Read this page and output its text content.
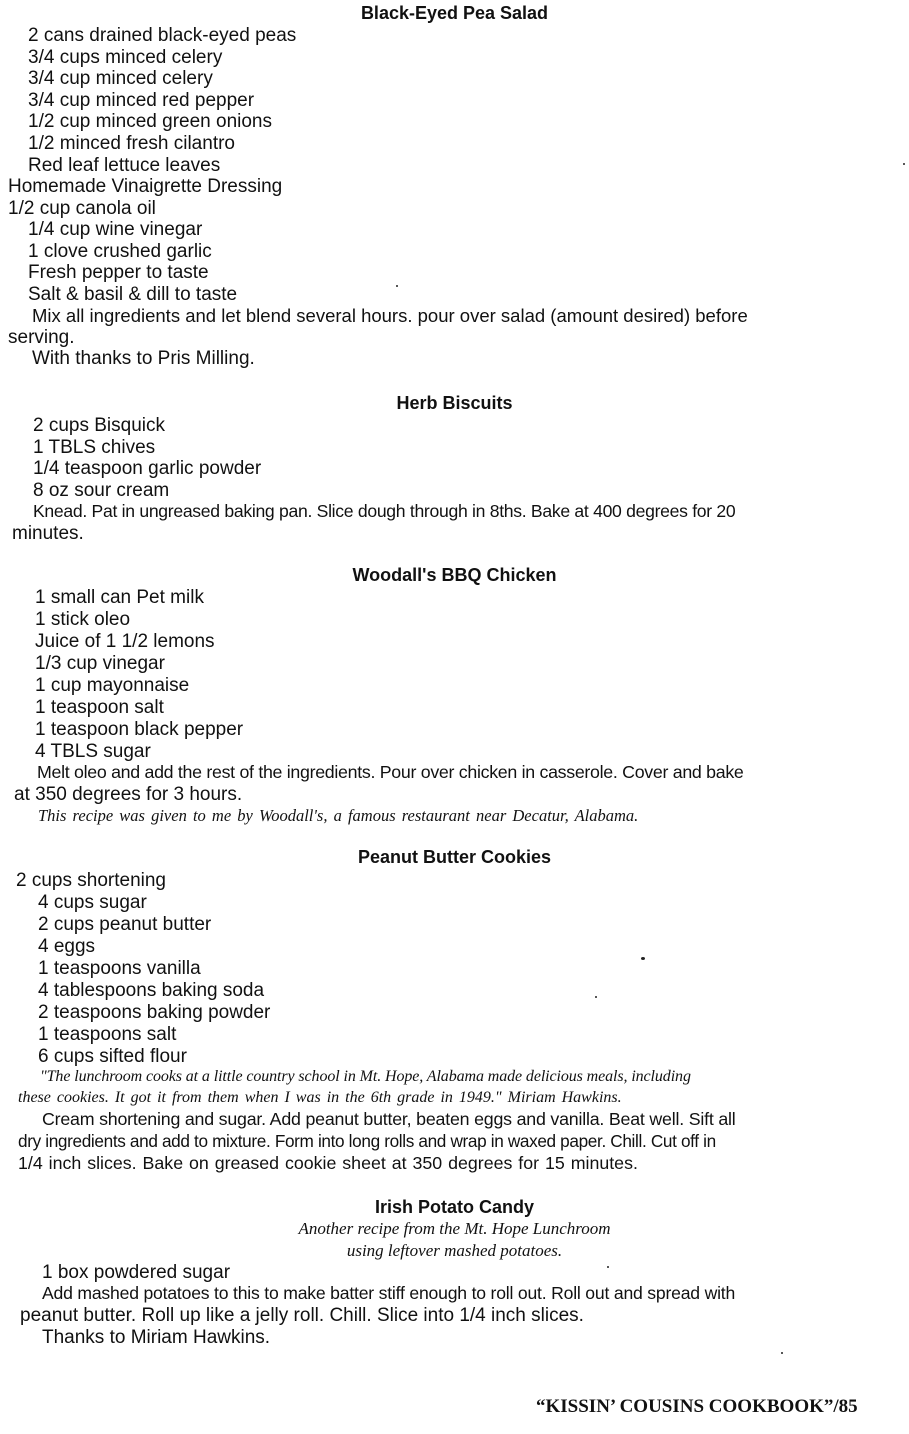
Black-Eyed Pea Salad
2 cans drained black-eyed peas
3/4 cups minced celery
3/4 cup minced celery
3/4 cup minced red pepper
1/2 cup minced green onions
1/2 minced fresh cilantro
Red leaf lettuce leaves
Homemade Vinaigrette Dressing
1/2 cup canola oil
1/4 cup wine vinegar
1 clove crushed garlic
Fresh pepper to taste
Salt & basil & dill to taste
Mix all ingredients and let blend several hours. pour over salad (amount desired) before
serving.
With thanks to Pris Milling.
Herb Biscuits
2 cups Bisquick
1 TBLS chives
1/4 teaspoon garlic powder
8 oz sour cream
Knead. Pat in ungreased baking pan. Slice dough through in 8ths. Bake at 400 degrees for 20
minutes.
Woodall's BBQ Chicken
1 small can Pet milk
1 stick oleo
Juice of 1 1/2 lemons
1/3 cup vinegar
1 cup mayonnaise
1 teaspoon salt
1 teaspoon black pepper
4 TBLS sugar
Melt oleo and add the rest of the ingredients. Pour over chicken in casserole. Cover and bake
at 350 degrees for 3 hours.
This recipe was given to me by Woodall's, a famous restaurant near Decatur, Alabama.
Peanut Butter Cookies
2 cups shortening
4 cups sugar
2 cups peanut butter
4 eggs
1 teaspoons vanilla
4 tablespoons baking soda
2 teaspoons baking powder
1 teaspoons salt
6 cups sifted flour
"The lunchroom cooks at a little country school in Mt. Hope, Alabama made delicious meals, including
these cookies. It got it from them when I was in the 6th grade in 1949." Miriam Hawkins.
Cream shortening and sugar. Add peanut butter, beaten eggs and vanilla. Beat well. Sift all
dry ingredients and add to mixture. Form into long rolls and wrap in waxed paper. Chill. Cut off in
1/4 inch slices. Bake on greased cookie sheet at 350 degrees for 15 minutes.
Irish Potato Candy
Another recipe from the Mt. Hope Lunchroom
using leftover mashed potatoes.
1 box powdered sugar
Add mashed potatoes to this to make batter stiff enough to roll out. Roll out and spread with
peanut butter. Roll up like a jelly roll. Chill. Slice into 1/4 inch slices.
Thanks to Miriam Hawkins.
“KISSIN’ COUSINS COOKBOOK”/85
